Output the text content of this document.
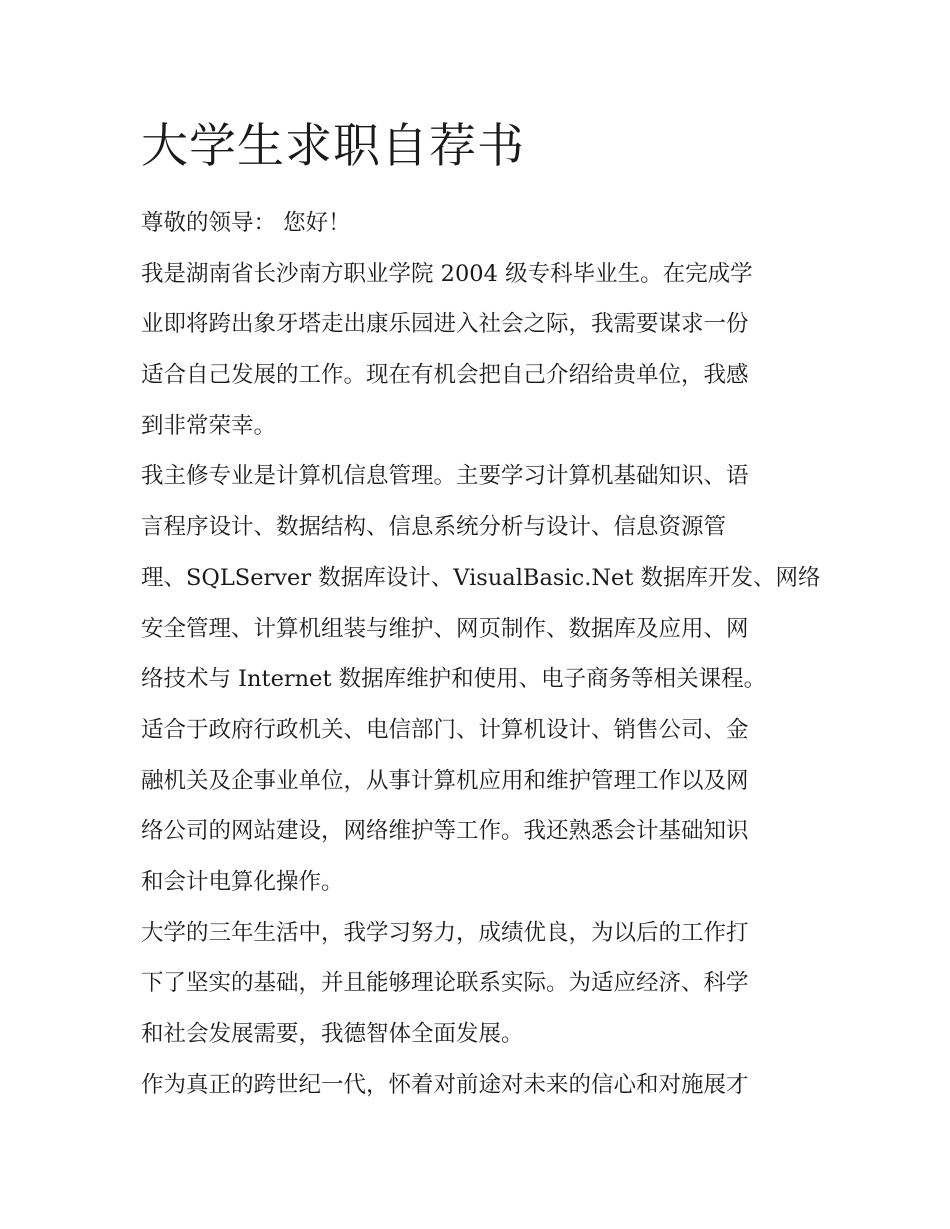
大学生求职自荐书
尊敬的领导： 您好！
我是湖南省长沙南方职业学院 2004 级专科毕业生。在完成学
业即将跨出象牙塔走出康乐园进入社会之际，我需要谋求一份
适合自己发展的工作。现在有机会把自己介绍给贵单位，我感
到非常荣幸。
我主修专业是计算机信息管理。主要学习计算机基础知识、语
言程序设计、数据结构、信息系统分析与设计、信息资源管
理、SQLServer 数据库设计、VisualBasic.Net 数据库开发、网络
安全管理、计算机组装与维护、网页制作、数据库及应用、网
络技术与 Internet 数据库维护和使用、电子商务等相关课程。
适合于政府行政机关、电信部门、计算机设计、销售公司、金
融机关及企事业单位，从事计算机应用和维护管理工作以及网
络公司的网站建设，网络维护等工作。我还熟悉会计基础知识
和会计电算化操作。
大学的三年生活中，我学习努力，成绩优良，为以后的工作打
下了坚实的基础，并且能够理论联系实际。为适应经济、科学
和社会发展需要，我德智体全面发展。
作为真正的跨世纪一代，怀着对前途对未来的信心和对施展才
